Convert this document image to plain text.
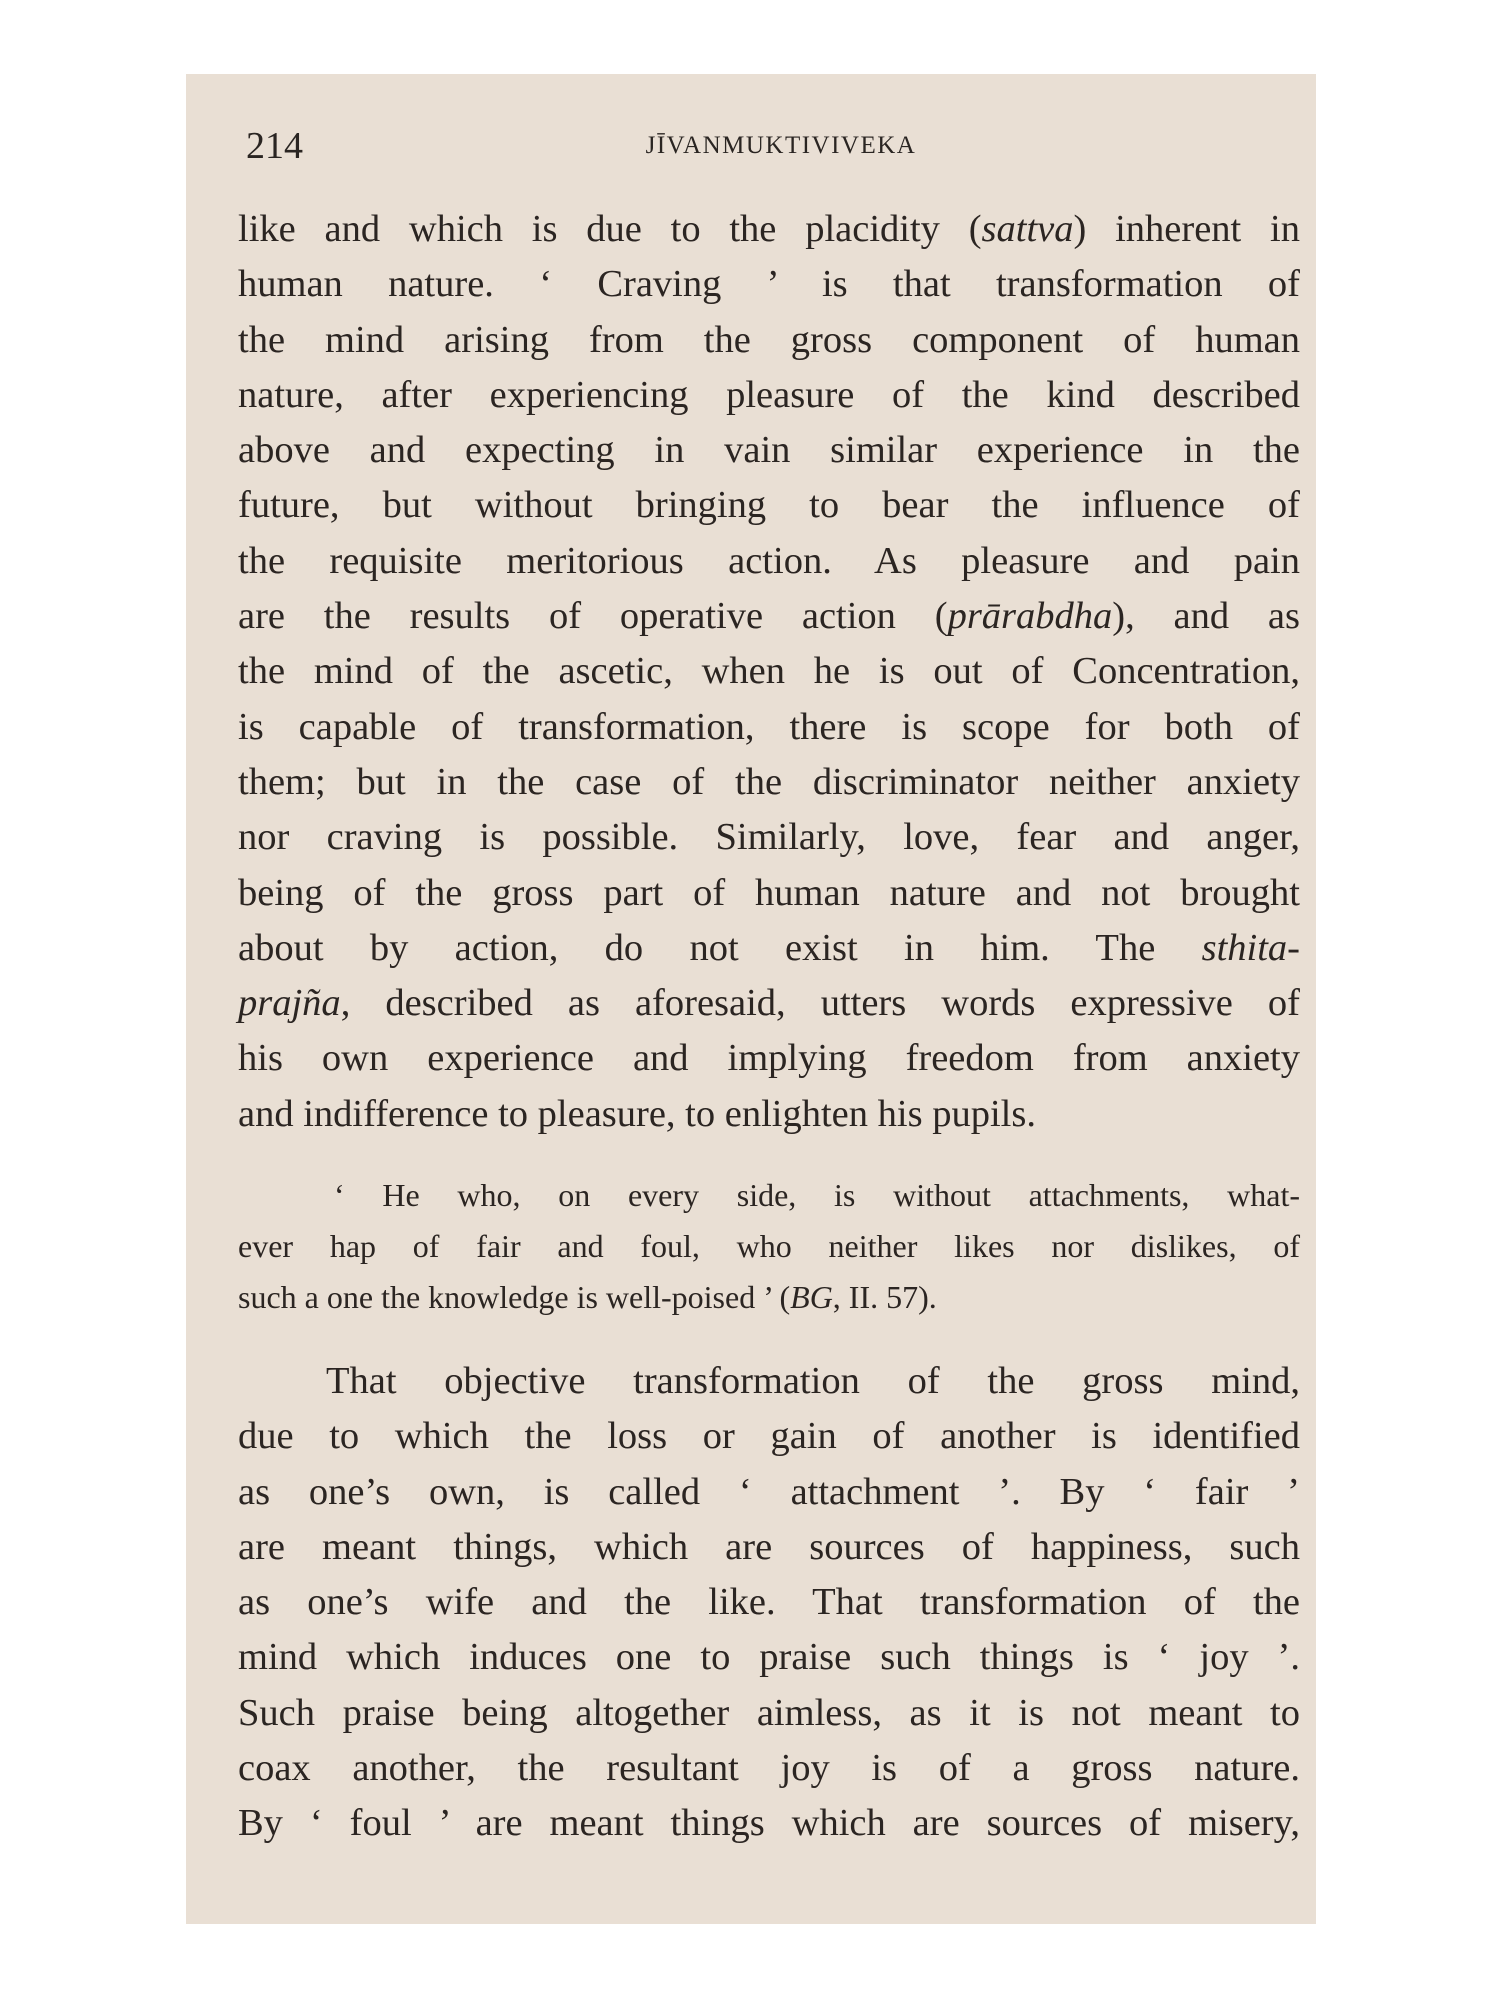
214	JĪVANMUKTIVIVEKA
like and which is due to the placidity (sattva) inherent in
human nature. ‘ Craving ’ is that transformation of
the mind arising from the gross component of human
nature, after experiencing pleasure of the kind described
above and expecting in vain similar experience in the
future, but without bringing to bear the influence of
the requisite meritorious action. As pleasure and pain
are the results of operative action (prārabdha), and as
the mind of the ascetic, when he is out of Concentration,
is capable of transformation, there is scope for both of
them; but in the case of the discriminator neither anxiety
nor craving is possible. Similarly, love, fear and anger,
being of the gross part of human nature and not brought
about by action, do not exist in him. The sthita-
prajña, described as aforesaid, utters words expressive of
his own experience and implying freedom from anxiety
and indifference to pleasure, to enlighten his pupils.
‘ He who, on every side, is without attachments, what-
ever hap of fair and foul, who neither likes nor dislikes, of
such a one the knowledge is well-poised ’ (BG, II. 57).
That objective transformation of the gross mind,
due to which the loss or gain of another is identified
as one’s own, is called ‘ attachment ’. By ‘ fair ’
are meant things, which are sources of happiness, such
as one’s wife and the like. That transformation of the
mind which induces one to praise such things is ‘ joy ’.
Such praise being altogether aimless, as it is not meant to
coax another, the resultant joy is of a gross nature.
By ‘ foul ’ are meant things which are sources of misery,
